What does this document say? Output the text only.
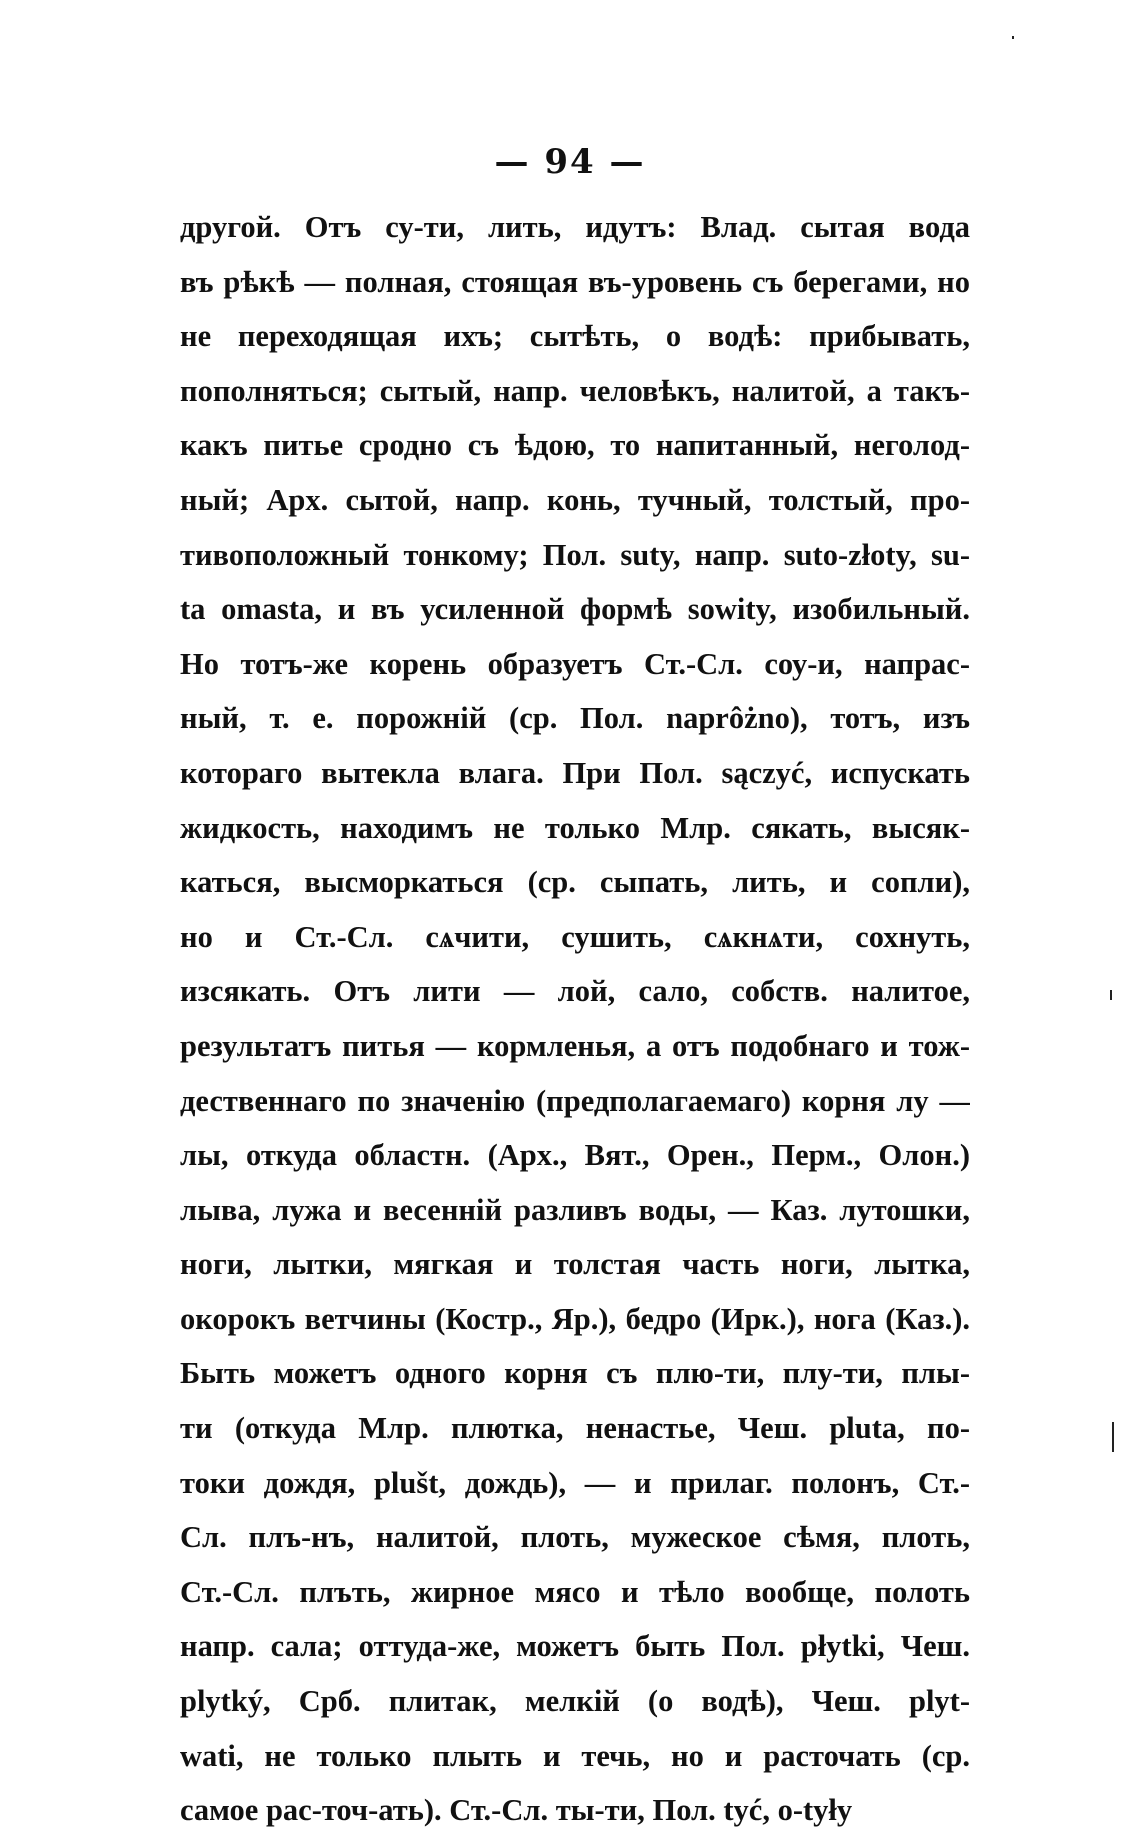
— 94 —
другой. Отъ су-ти, лить, идутъ: Влад. сытая вода
въ рѣкѣ — полная, стоящая въ-уровень съ берегами, но
не переходящая ихъ; сытѣть, о водѣ: прибывать,
пополняться; сытый, напр. человѣкъ, налитой, а такъ-
какъ питье сродно съ ѣдою, то напитанный, неголод-
ный; Арх. сытой, напр. конь, тучный, толстый, про-
тивоположный тонкому; Пол. suty, напр. suto-złoty, su-
ta omasta, и въ усиленной формѣ sowity, изобильный.
Но тотъ-же корень образуетъ Ст.-Сл. соу-и, напрас-
ный, т. е. порожній (ср. Пол. naprôżno), тотъ, изъ
котораго вытекла влага. При Пол. sączyć, испускать
жидкость, находимъ не только Млр. сякать, высяк-
каться, высморкаться (ср. сыпать, лить, и сопли),
но и Ст.-Сл. сѧчити, сушить, сѧкнѧти, сохнуть,
изсякать. Отъ лити — лой, сало, собств. налитое,
результатъ питья — кормленья, а отъ подобнаго и тож-
дественнаго по значенію (предполагаемаго) корня лу —
лы, откуда областн. (Арх., Вят., Орен., Перм., Олон.)
лыва, лужа и весенній разливъ воды, — Каз. лутошки,
ноги, лытки, мягкая и толстая часть ноги, лытка,
окорокъ ветчины (Костр., Яр.), бедро (Ирк.), нога (Каз.).
Быть можетъ одного корня съ плю-ти, плу-ти, плы-
ти (откуда Млр. плютка, ненастье, Чеш. pluta, по-
токи дождя, plušt, дождь), — и прилаг. полонъ, Ст.-
Сл. плъ-нъ, налитой, плоть, мужеское сѣмя, плоть,
Ст.-Сл. плъть, жирное мясо и тѣло вообще, полоть
напр. сала; оттуда-же, можетъ быть Пол. płytki, Чеш.
plytký, Срб. плитак, мелкій (о водѣ), Чеш. plyt-
wati, не только плыть и течь, но и расточать (ср.
самое рас-точ-ать). Ст.-Сл. ты-ти, Пол. tyć, o-tyły
